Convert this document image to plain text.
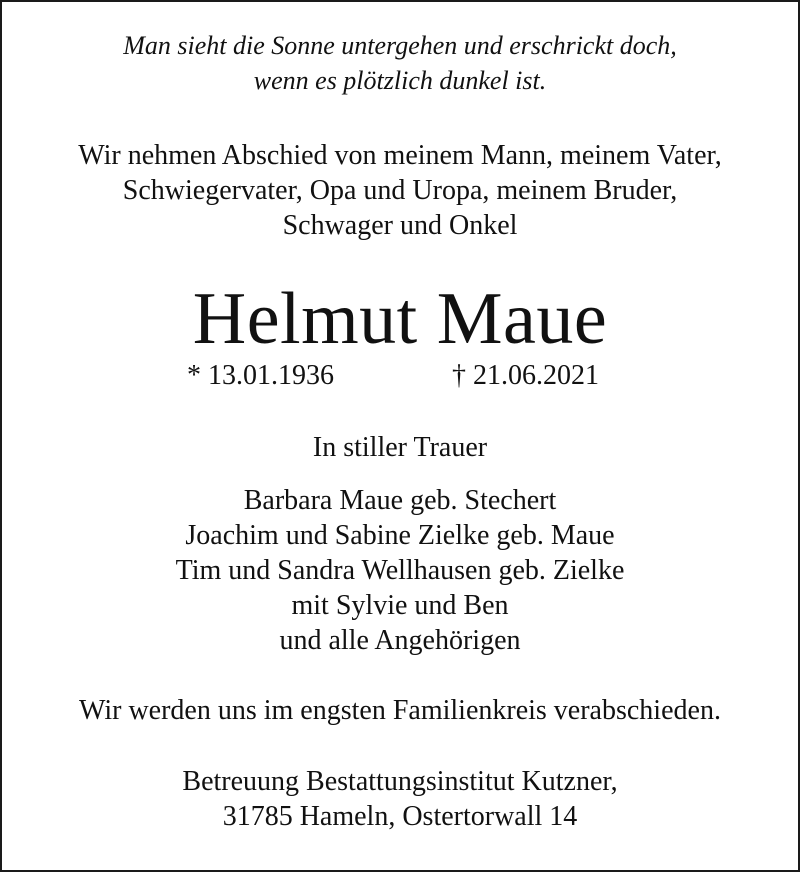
Man sieht die Sonne untergehen und erschrickt doch,
wenn es plötzlich dunkel ist.
Wir nehmen Abschied von meinem Mann, meinem Vater,
Schwiegervater, Opa und Uropa, meinem Bruder,
Schwager und Onkel
Helmut Maue
* 13.01.1936	† 21.06.2021
In stiller Trauer
Barbara Maue geb. Stechert
Joachim und Sabine Zielke geb. Maue
Tim und Sandra Wellhausen geb. Zielke
mit Sylvie und Ben
und alle Angehörigen
Wir werden uns im engsten Familienkreis verabschieden.
Betreuung Bestattungsinstitut Kutzner,
31785 Hameln, Ostertorwall 14
